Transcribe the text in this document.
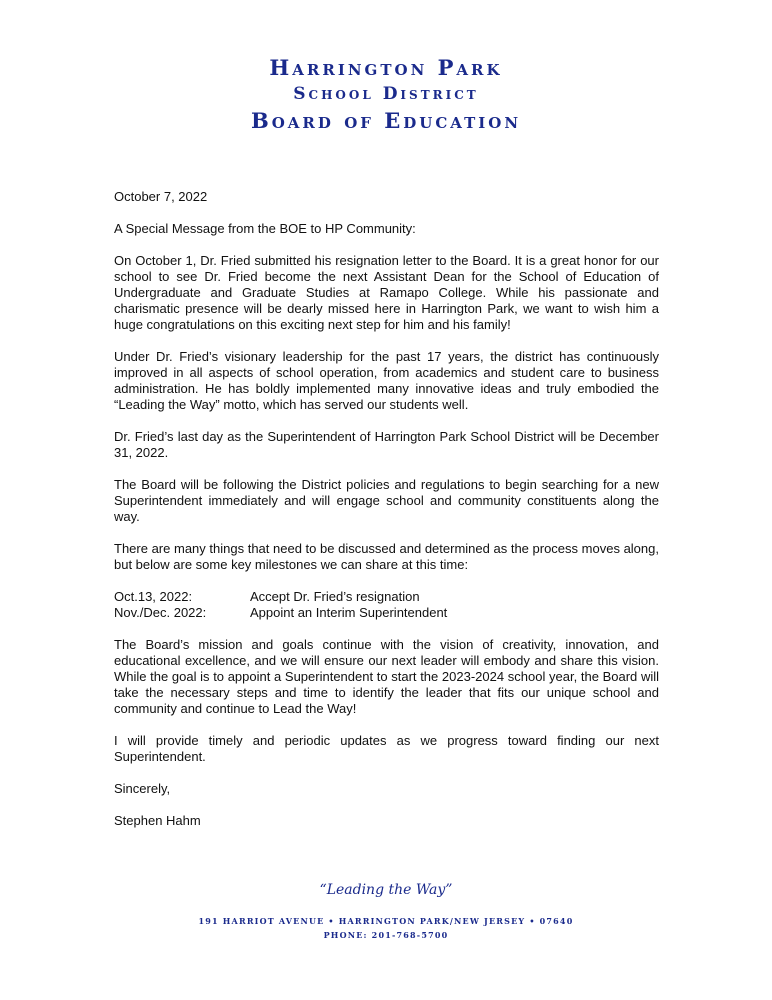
Harrington Park
School District
Board of Education

October 7, 2022

A Special Message from the BOE to HP Community:

On October 1, Dr. Fried submitted his resignation letter to the Board. It is a great honor for our school to see Dr. Fried become the next Assistant Dean for the School of Education of Undergraduate and Graduate Studies at Ramapo College. While his passionate and charismatic presence will be dearly missed here in Harrington Park, we want to wish him a huge congratulations on this exciting next step for him and his family!

Under Dr. Fried’s visionary leadership for the past 17 years, the district has continuously improved in all aspects of school operation, from academics and student care to business administration. He has boldly implemented many innovative ideas and truly embodied the “Leading the Way” motto, which has served our students well.

Dr. Fried’s last day as the Superintendent of Harrington Park School District will be December 31, 2022.

The Board will be following the District policies and regulations to begin searching for a new Superintendent immediately and will engage school and community constituents along the way.

There are many things that need to be discussed and determined as the process moves along, but below are some key milestones we can share at this time:

Oct.13, 2022:	Accept Dr. Fried’s resignation
Nov./Dec. 2022:	Appoint an Interim Superintendent

The Board’s mission and goals continue with the vision of creativity, innovation, and educational excellence, and we will ensure our next leader will embody and share this vision. While the goal is to appoint a Superintendent to start the 2023-2024 school year, the Board will take the necessary steps and time to identify the leader that fits our unique school and community and continue to Lead the Way!

I will provide timely and periodic updates as we progress toward finding our next Superintendent.

Sincerely,

Stephen Hahm

“Leading the Way”
191 HARRIOT AVENUE • HARRINGTON PARK/NEW JERSEY • 07640
PHONE: 201-768-5700
